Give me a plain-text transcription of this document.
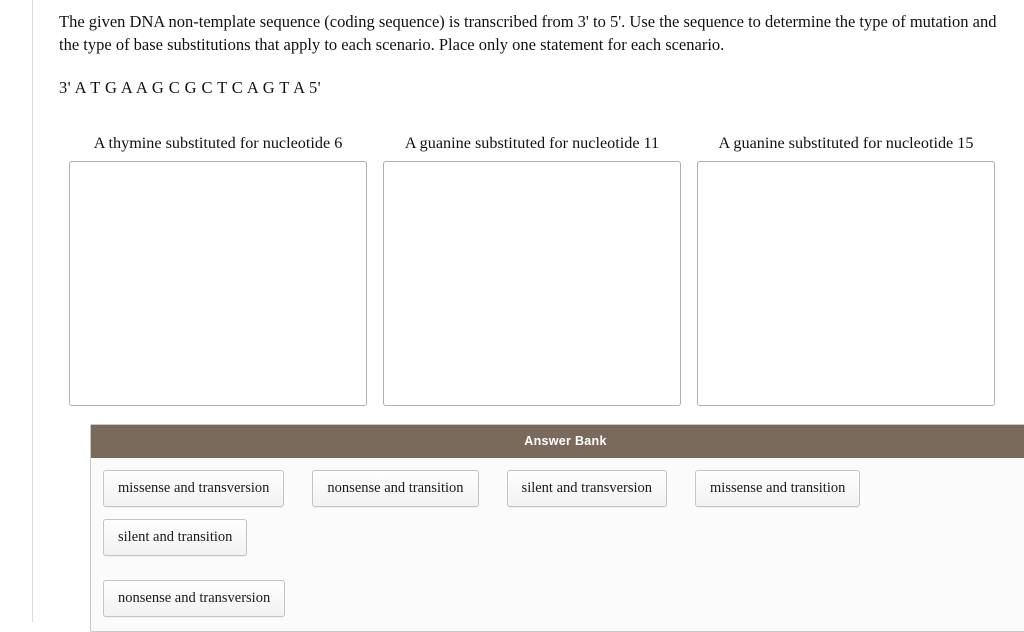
The given DNA non-template sequence (coding sequence) is transcribed from 3' to 5'. Use the sequence to determine the type of mutation and the type of base substitutions that apply to each scenario. Place only one statement for each scenario.

3' A T G A A G C G C T C A G T A 5'
A thymine substituted for nucleotide 6	A guanine substituted for nucleotide 11	A guanine substituted for nucleotide 15
Answer Bank
missense and transversion	nonsense and transition	silent and transversion	missense and transition
silent and transition
nonsense and transversion
